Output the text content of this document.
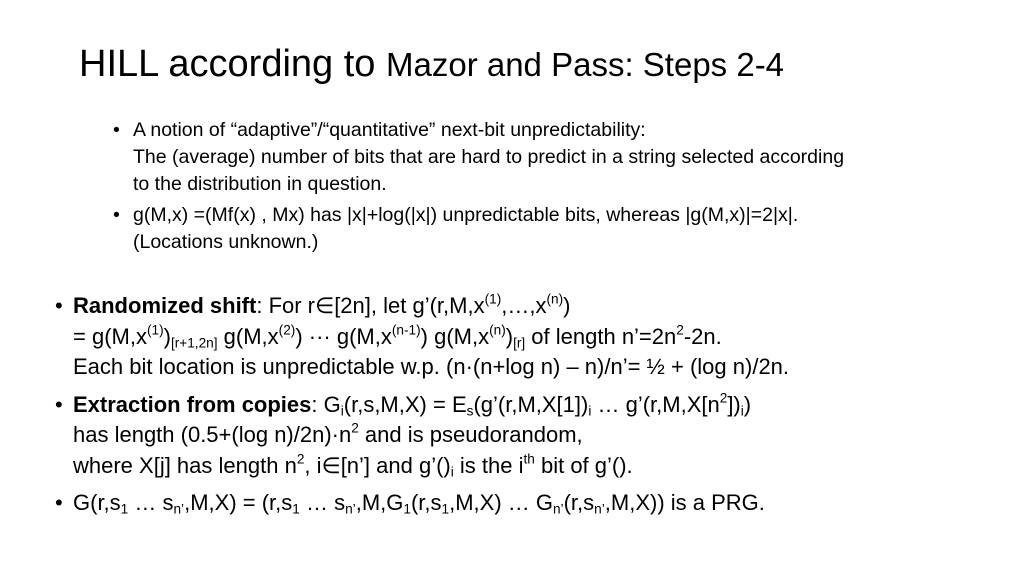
HILL according to Mazor and Pass: Steps 2-4
• A notion of “adaptive”/“quantitative” next-bit unpredictability:
The (average) number of bits that are hard to predict in a string selected according
to the distribution in question.
• g(M,x) =(Mf(x) , Mx) has |x|+log(|x|) unpredictable bits, whereas |g(M,x)|=2|x|.
(Locations unknown.)
• Randomized shift: For r∈[2n], let $g’(r,M,x^{(1)},\dots,x^{(n)})$
= $g(M,x^{(1)})_{[r+1,2n]}$ $g(M,x^{(2)})$ ··· $g(M,x^{(n-1)})$ $g(M,x^{(n)})_{[r]}$ of length $n’=2n^2-2n$.
Each bit location is unpredictable w.p. (n·(n+log n) – n)/n’= ½ + (log n)/2n.
• Extraction from copies: $G_i(r,s,M,X)$ = $E_s(g’(r,M,X[1])_i$ … $g’(r,M,X[n^2])_i$)
has length (0.5+(log $n)/2n)\cdot n^2$ and is pseudorandom,
where X[j] has length $n^2$, i∈[n’] and $g’()_i$ is the $i^{th}$ bit of g’().
• $G(r,s_1$ … $s_{n’},M,X) = (r,s_1$ … $s_{n’},M,G_1(r,s_1,M,X)$ … $G_{n’}(r,s_{n’},M,X)$) is a PRG.
